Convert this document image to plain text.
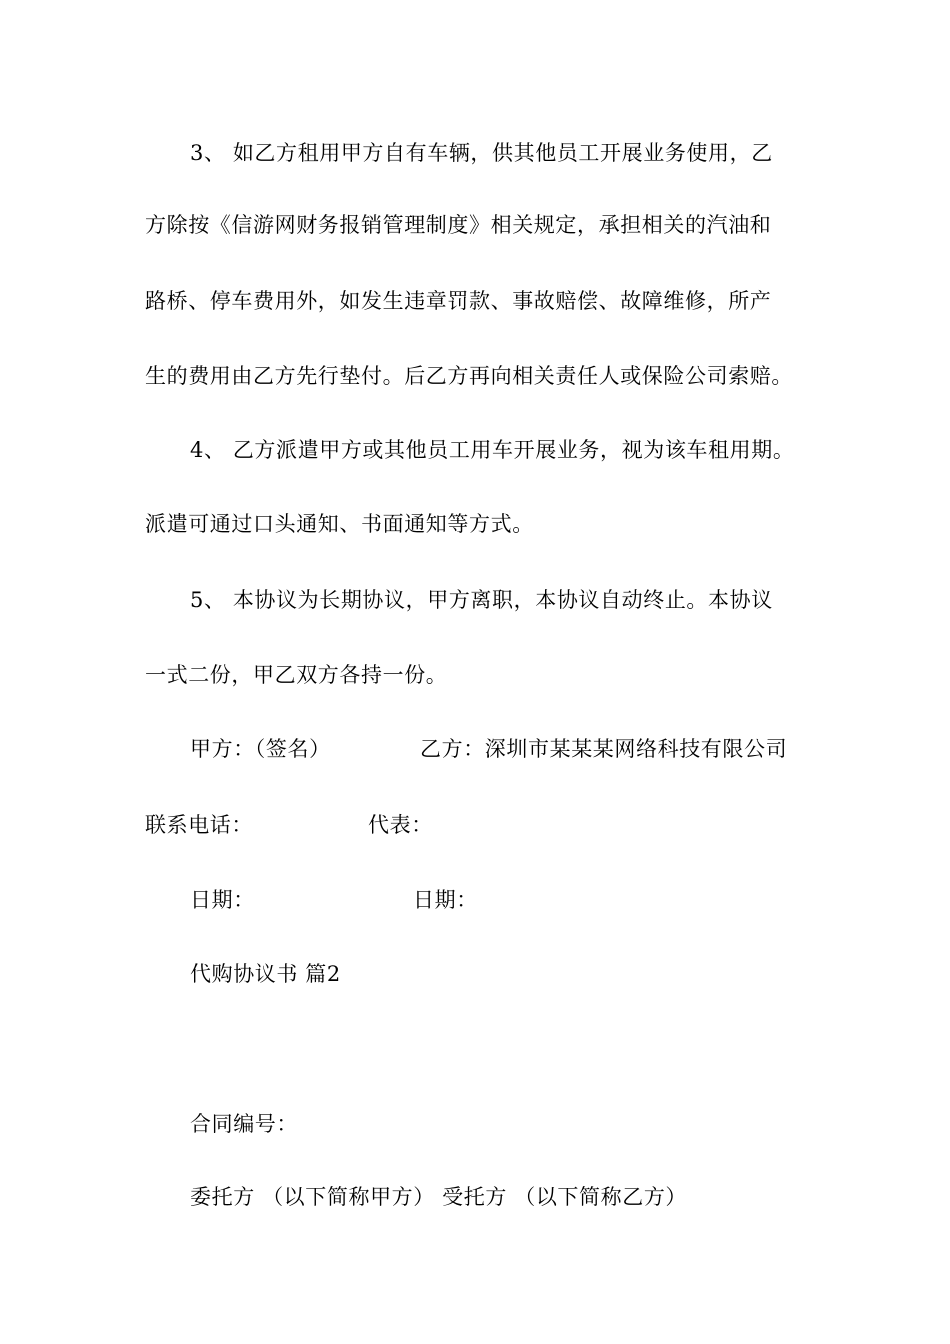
3、 如乙方租用甲方自有车辆，供其他员工开展业务使用，乙
方除按《信游网财务报销管理制度》相关规定，承担相关的汽油和
路桥、停车费用外，如发生违章罚款、事故赔偿、故障维修，所产
生的费用由乙方先行垫付。后乙方再向相关责任人或保险公司索赔。
4、 乙方派遣甲方或其他员工用车开展业务，视为该车租用期。
派遣可通过口头通知、书面通知等方式。
5、 本协议为长期协议，甲方离职，本协议自动终止。本协议
一式二份，甲乙双方各持一份。
甲方：（签名）	乙方：深圳市某某某网络科技有限公司
联系电话：	代表：
日期：	日期：
代购协议书 篇2
合同编号：
委托方 （以下简称甲方） 受托方 （以下简称乙方）
